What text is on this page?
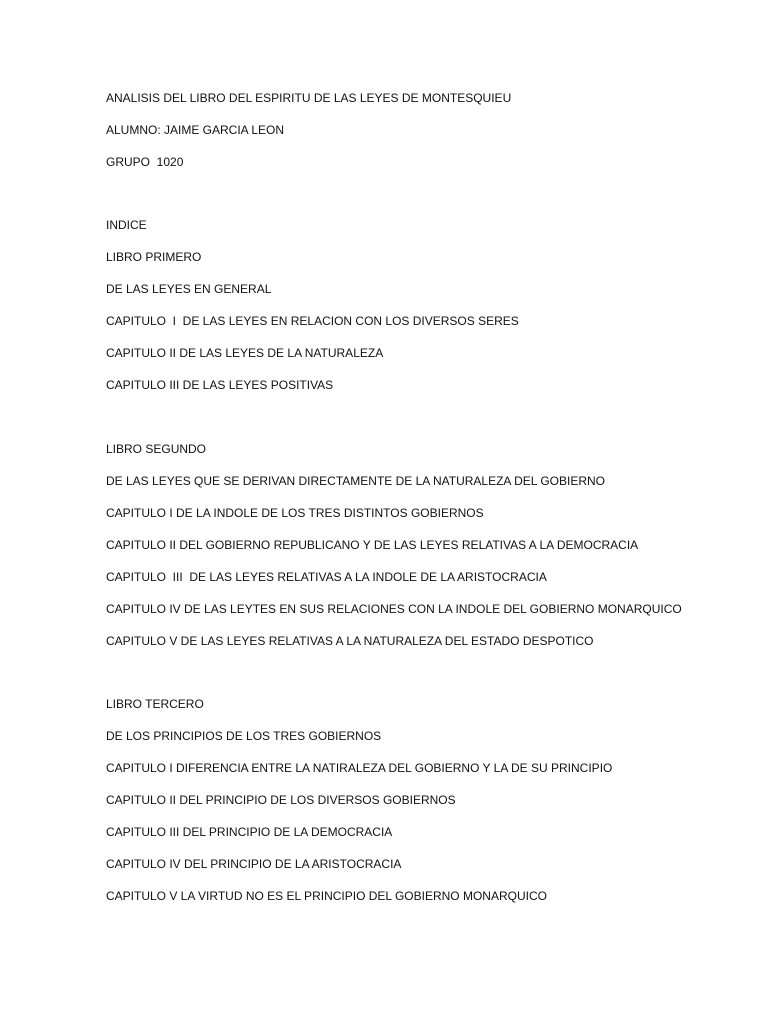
ANALISIS DEL LIBRO DEL ESPIRITU DE LAS LEYES DE MONTESQUIEU

ALUMNO: JAIME GARCIA LEON

GRUPO  1020

INDICE

LIBRO PRIMERO

DE LAS LEYES EN GENERAL

CAPITULO  I  DE LAS LEYES EN RELACION CON LOS DIVERSOS SERES

CAPITULO II DE LAS LEYES DE LA NATURALEZA

CAPITULO III DE LAS LEYES POSITIVAS

LIBRO SEGUNDO

DE LAS LEYES QUE SE DERIVAN DIRECTAMENTE DE LA NATURALEZA DEL GOBIERNO

CAPITULO I DE LA INDOLE DE LOS TRES DISTINTOS GOBIERNOS

CAPITULO II DEL GOBIERNO REPUBLICANO Y DE LAS LEYES RELATIVAS A LA DEMOCRACIA

CAPITULO  III  DE LAS LEYES RELATIVAS A LA INDOLE DE LA ARISTOCRACIA

CAPITULO IV DE LAS LEYTES EN SUS RELACIONES CON LA INDOLE DEL GOBIERNO MONARQUICO

CAPITULO V DE LAS LEYES RELATIVAS A LA NATURALEZA DEL ESTADO DESPOTICO

LIBRO TERCERO

DE LOS PRINCIPIOS DE LOS TRES GOBIERNOS

CAPITULO I DIFERENCIA ENTRE LA NATIRALEZA DEL GOBIERNO Y LA DE SU PRINCIPIO

CAPITULO II DEL PRINCIPIO DE LOS DIVERSOS GOBIERNOS

CAPITULO III DEL PRINCIPIO DE LA DEMOCRACIA

CAPITULO IV DEL PRINCIPIO DE LA ARISTOCRACIA

CAPITULO V LA VIRTUD NO ES EL PRINCIPIO DEL GOBIERNO MONARQUICO
